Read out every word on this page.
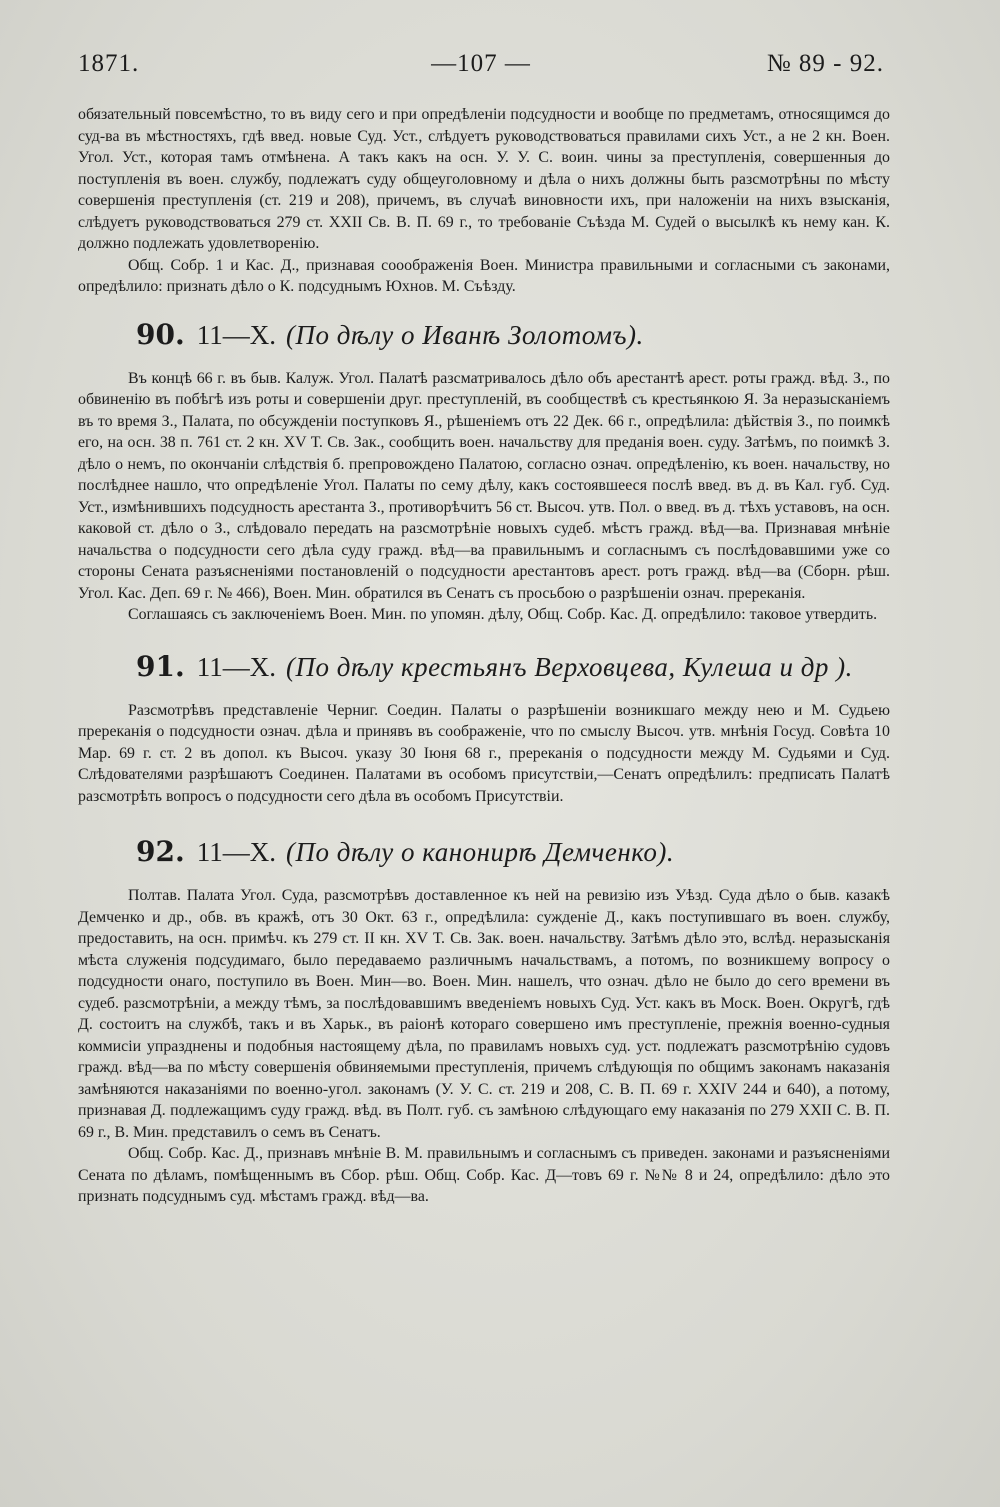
1871.	—107 —	№ 89 - 92.

обязательный повсемѣстно, то въ виду сего и при опредѣленіи подсудности и вообще по предметамъ, относящимся до суд-ва въ мѣстностяхъ, гдѣ введ. новые Суд. Уст., слѣдуетъ руководствоваться правилами сихъ Уст., а не 2 кн. Воен. Угол. Уст., которая тамъ отмѣнена. А такъ какъ на осн. У. У. С. воин. чины за преступленія, совершенныя до поступленія въ воен. службу, подлежатъ суду общеуголовному и дѣла о нихъ должны быть разсмотрѣны по мѣсту совершенія преступленія (ст. 219 и 208), причемъ, въ случаѣ виновности ихъ, при наложеніи на нихъ взысканія, слѣдуетъ руководствоваться 279 ст. XXII Св. В. П. 69 г., то требованіе Съѣзда М. Судей о высылкѣ къ нему кан. К. должно подлежать удовлетворенію.

Общ. Собр. 1 и Кас. Д., признавая сооображенія Воен. Министра правильными и согласными съ законами, опредѣлило: признать дѣло о К. подсуднымъ Юхнов. М. Съѣзду.

90. 11—X. (По дѣлу о Иванѣ Золотомъ).

Въ концѣ 66 г. въ быв. Калуж. Угол. Палатѣ разсматривалось дѣло объ арестантѣ арест. роты гражд. вѣд. З., по обвиненію въ побѣгѣ изъ роты и совершеніи друг. преступленій, въ сообществѣ съ крестьянкою Я. За неразысканіемъ въ то время З., Палата, по обсужденіи поступковъ Я., рѣшеніемъ отъ 22 Дек. 66 г., опредѣлила: дѣйствія З., по поимкѣ его, на осн. 38 п. 761 ст. 2 кн. XV Т. Св. Зак., сообщить воен. начальству для преданія воен. суду. Затѣмъ, по поимкѣ З. дѣло о немъ, по окончаніи слѣдствія б. препровождено Палатою, согласно означ. опредѣленію, къ воен. начальству, но послѣднее нашло, что опредѣленіе Угол. Палаты по сему дѣлу, какъ состоявшееся послѣ введ. въ д. въ Кал. губ. Суд. Уст., измѣнившихъ подсудность арестанта З., противорѣчитъ 56 ст. Высоч. утв. Пол. о введ. въ д. тѣхъ уставовъ, на осн. каковой ст. дѣло о З., слѣдовало передать на разсмотрѣніе новыхъ судеб. мѣстъ гражд. вѣд—ва. Признавая мнѣніе начальства о подсудности сего дѣла суду гражд. вѣд—ва правильнымъ и согласнымъ съ послѣдовавшими уже со стороны Сената разъясненіями постановленій о подсудности арестантовъ арест. ротъ гражд. вѣд—ва (Сборн. рѣш. Угол. Кас. Деп. 69 г. № 466), Воен. Мин. обратился въ Сенатъ съ просьбою о разрѣшеніи означ. пререканія.

Соглашаясь съ заключеніемъ Воен. Мин. по упомян. дѣлу, Общ. Собр. Кас. Д. опредѣлило: таковое утвердить.

91. 11—X. (По дѣлу крестьянъ Верховцева, Кулеша и др ).

Разсмотрѣвъ представленіе Черниг. Соедин. Палаты о разрѣшеніи возникшаго между нею и М. Судьею пререканія о подсудности означ. дѣла и принявъ въ соображеніе, что по смыслу Высоч. утв. мнѣнія Госуд. Совѣта 10 Мар. 69 г. ст. 2 въ допол. къ Высоч. указу 30 Іюня 68 г., пререканія о подсудности между М. Судьями и Суд. Слѣдователями разрѣшаютъ Соединен. Палатами въ особомъ присутствіи,—Сенатъ опредѣлилъ: предписать Палатѣ разсмотрѣть вопросъ о подсудности сего дѣла въ особомъ Присутствіи.

92. 11—X. (По дѣлу о канонирѣ Демченко).

Полтав. Палата Угол. Суда, разсмотрѣвъ доставленное къ ней на ревизію изъ Уѣзд. Суда дѣло о быв. казакѣ Демченко и др., обв. въ кражѣ, отъ 30 Окт. 63 г., опредѣлила: сужденіе Д., какъ поступившаго въ воен. службу, предоставить, на осн. примѣч. къ 279 ст. II кн. XV Т. Св. Зак. воен. начальству. Затѣмъ дѣло это, вслѣд. неразысканія мѣста служенія подсудимаго, было передаваемо различнымъ начальствамъ, а потомъ, по возникшему вопросу о подсудности онаго, поступило въ Воен. Мин—во. Воен. Мин. нашелъ, что означ. дѣло не было до сего времени въ судеб. разсмотрѣніи, а между тѣмъ, за послѣдовавшимъ введеніемъ новыхъ Суд. Уст. какъ въ Моск. Воен. Округѣ, гдѣ Д. состоитъ на службѣ, такъ и въ Харьк., въ раіонѣ котораго совершено имъ преступленіе, прежнія военно-судныя коммисіи упразднены и подобныя настоящему дѣла, по правиламъ новыхъ суд. уст. подлежатъ разсмотрѣнію судовъ гражд. вѣд—ва по мѣсту совершенія обвиняемыми преступленія, причемъ слѣдующія по общимъ законамъ наказанія замѣняются наказаніями по военно-угол. законамъ (У. У. С. ст. 219 и 208, С. В. П. 69 г. XXIV 244 и 640), а потому, признавая Д. подлежащимъ суду гражд. вѣд. въ Полт. губ. съ замѣною слѣдующаго ему наказанія по 279 XXII С. В. П. 69 г., В. Мин. представилъ о семъ въ Сенатъ.

Общ. Собр. Кас. Д., признавъ мнѣніе В. М. правильнымъ и согласнымъ съ приведен. законами и разъясненіями Сената по дѣламъ, помѣщеннымъ въ Сбор. рѣш. Общ. Собр. Кас. Д—товъ 69 г. №№ 8 и 24, опредѣлило: дѣло это признать подсуднымъ суд. мѣстамъ гражд. вѣд—ва.
